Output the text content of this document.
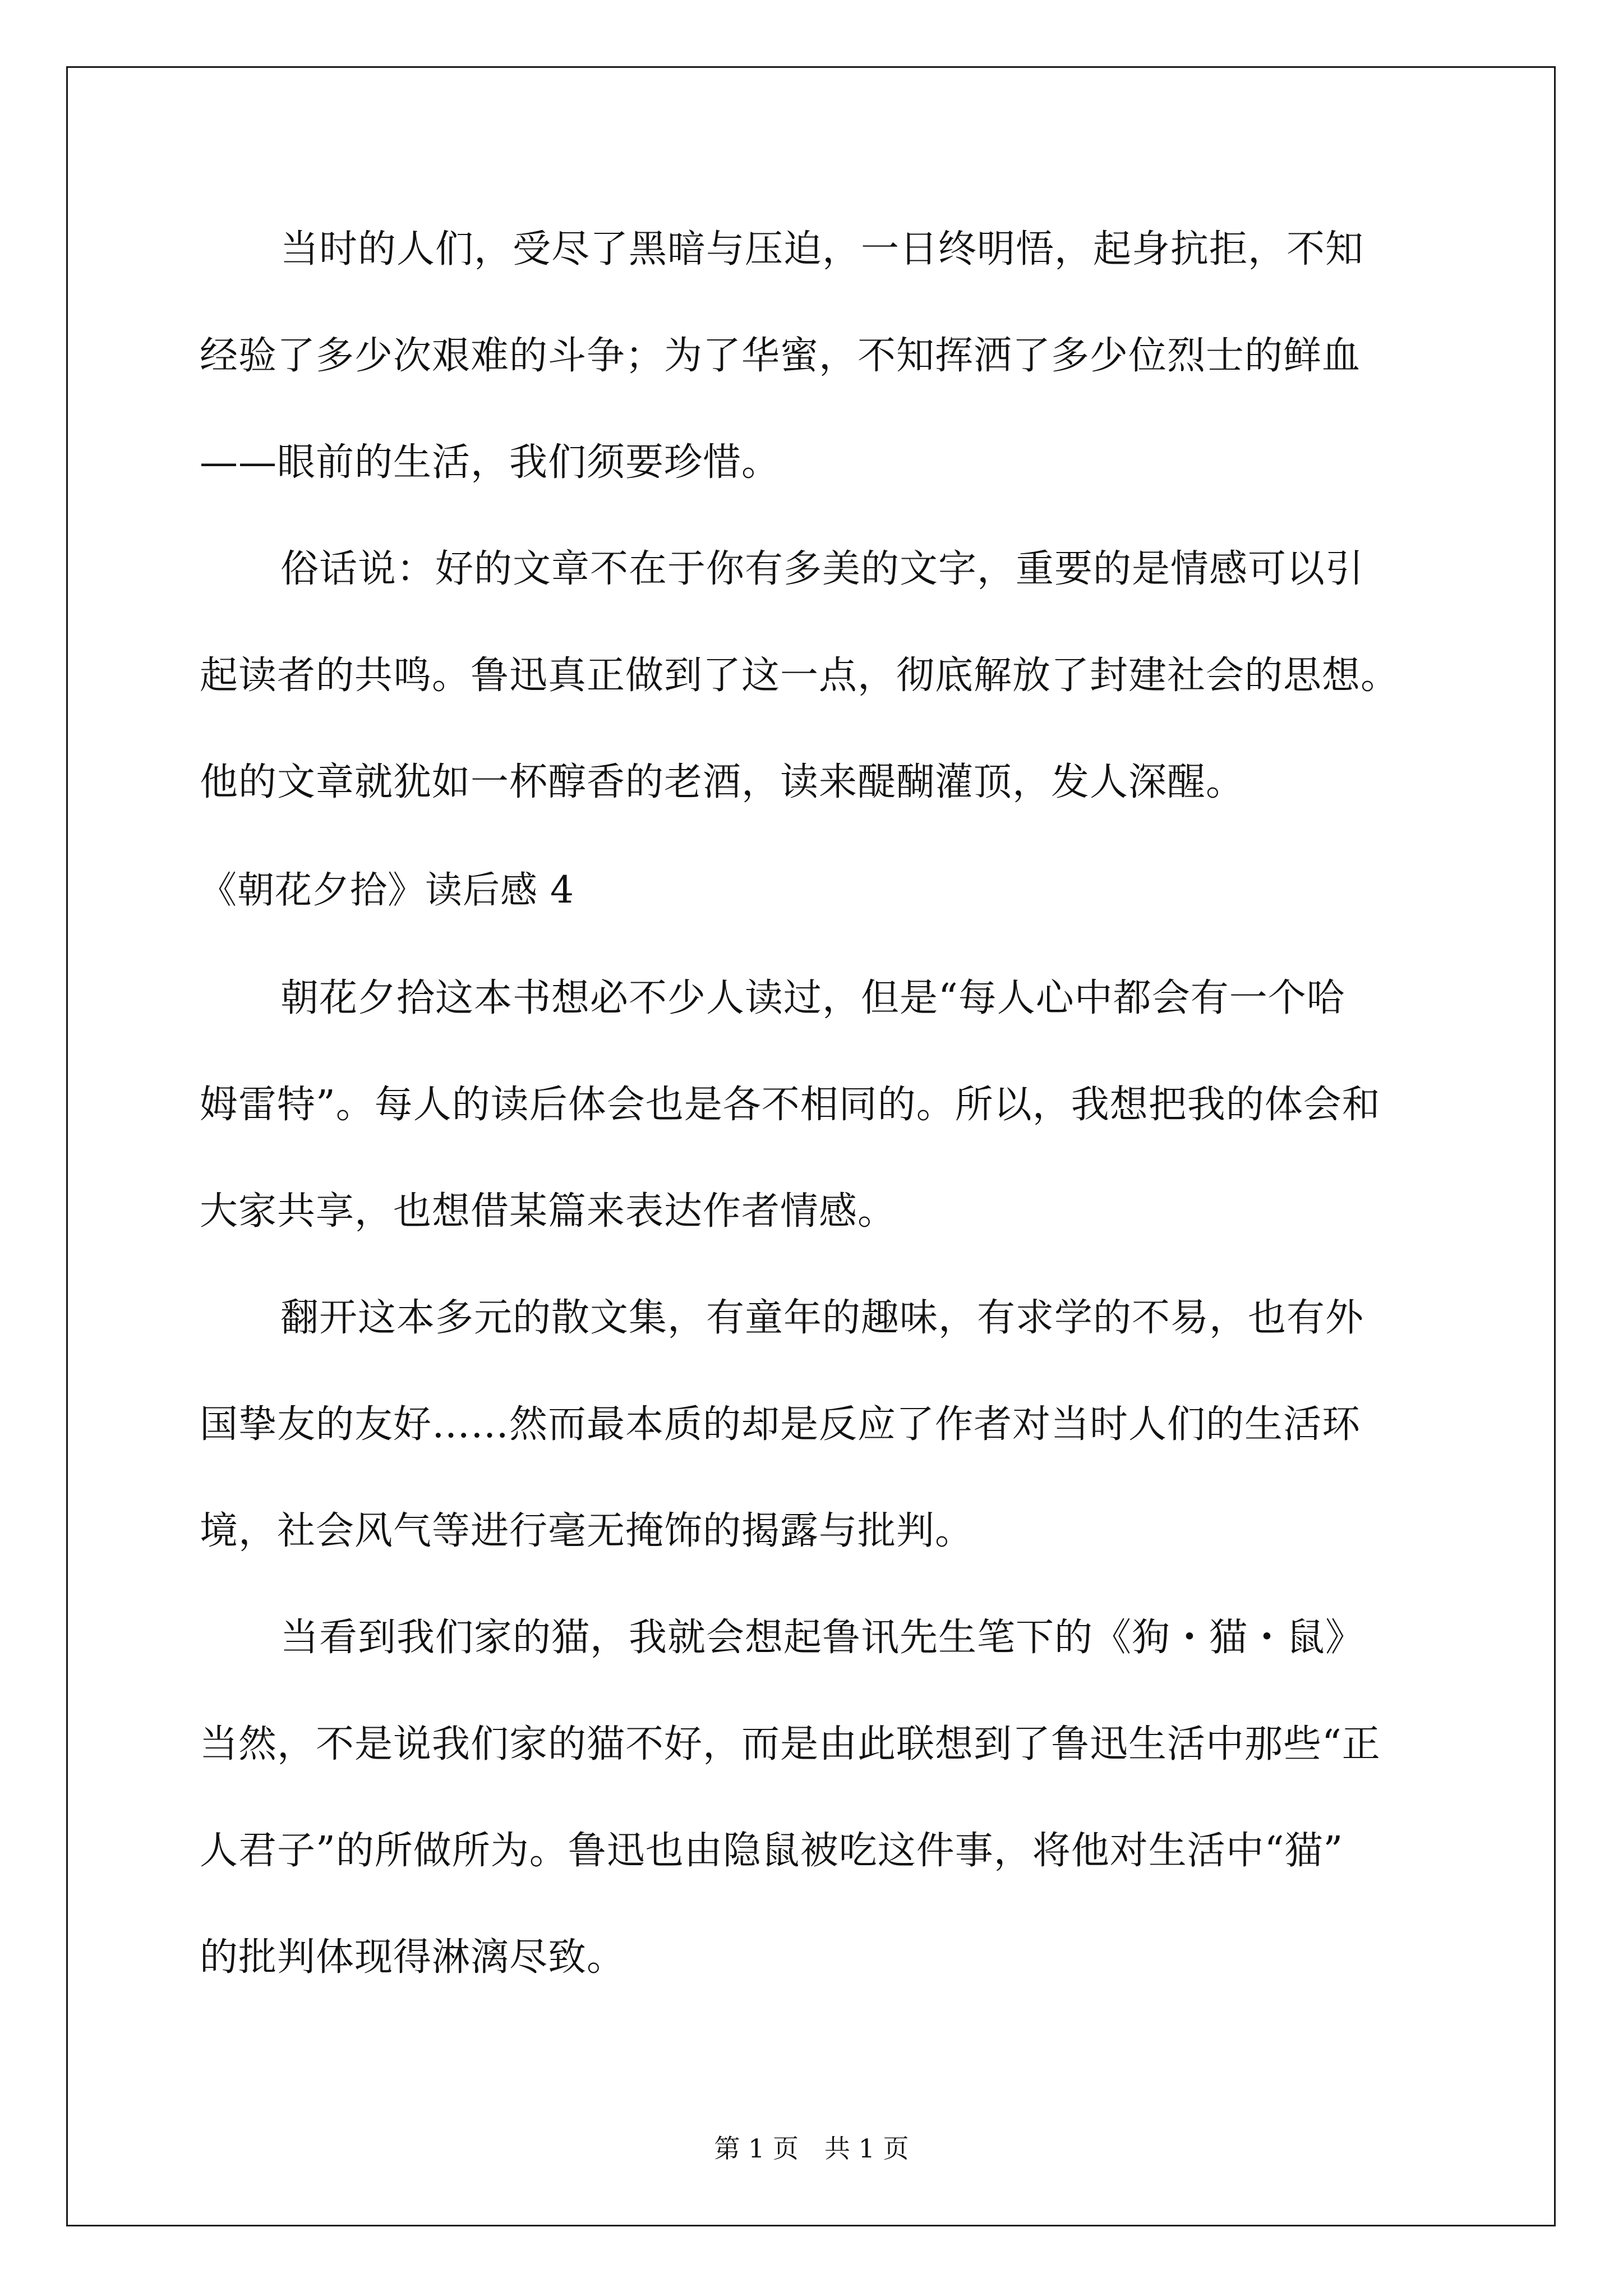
当时的人们，受尽了黑暗与压迫，一日终明悟，起身抗拒，不知
经验了多少次艰难的斗争；为了华蜜，不知挥洒了多少位烈士的鲜血
——眼前的生活，我们须要珍惜。
俗话说：好的文章不在于你有多美的文字，重要的是情感可以引
起读者的共鸣。鲁迅真正做到了这一点，彻底解放了封建社会的思想。
他的文章就犹如一杯醇香的老酒，读来醍醐灌顶，发人深醒。
《朝花夕拾》读后感 4
朝花夕拾这本书想必不少人读过，但是“每人心中都会有一个哈
姆雷特”。每人的读后体会也是各不相同的。所以，我想把我的体会和
大家共享，也想借某篇来表达作者情感。
翻开这本多元的散文集，有童年的趣味，有求学的不易，也有外
国挚友的友好……然而最本质的却是反应了作者对当时人们的生活环
境，社会风气等进行毫无掩饰的揭露与批判。
当看到我们家的猫，我就会想起鲁讯先生笔下的《狗・猫・鼠》
当然，不是说我们家的猫不好，而是由此联想到了鲁迅生活中那些“正
人君子”的所做所为。鲁迅也由隐鼠被吃这件事，将他对生活中“猫”
的批判体现得淋漓尽致。
第 1 页　共 1 页
